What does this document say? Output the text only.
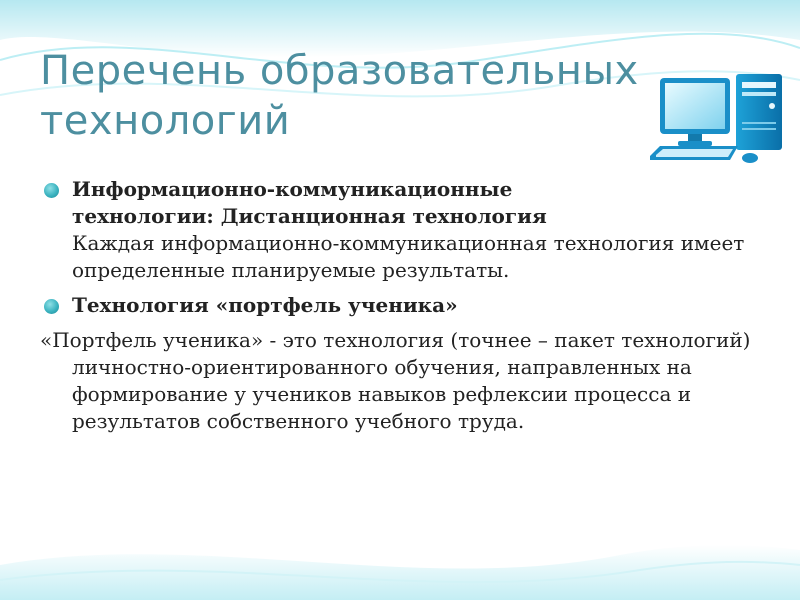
Перечень образовательных
технологий
Информационно-коммуникационные
технологии: Дистанционная технология
Каждая информационно-коммуникационная технология имеет определенные планируемые результаты.
Технология «портфель ученика»
«Портфель ученика» - это технология (точнее – пакет технологий) личностно-ориентированного обучения, направленных на формирование у учеников навыков рефлексии процесса и результатов собственного учебного труда.
